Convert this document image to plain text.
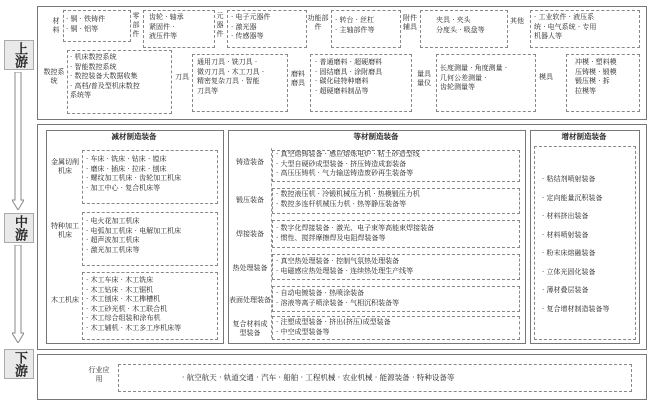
上游
中游
下游
材料
· 铜 · 铁铸件
· 铜 · 铝等
零部件
齿轮 · 轴承
紧固件 ·
液压件等
元器件
· 电子元器件
· 激光器
· 传感器等
功能部件
· 转台 · 丝杠
· 主轴部件等
附件辅具
夹具 · 夹头
分度头 · 吸盘等
其他	· 工业软件 · 液压系
统 · 电气系统 · 专用
机器人等
数控系统
· 机床数控系统
· 智能数控系统
· 数控装备大数据收集
· 高档/普及型机床数控
系统等
刀具
通用刀具 · 铣刀具 ·
微刃刀具 · 木工刀具 ·
精密复杂刀具 · 智能
刀具等
磨料磨具
· 普通磨料 · 超硬磨料
· 固结磨具 · 涂附磨具
· 碳化硅特种磨料
· 超硬磨料制品等
量具量仪
长度测量 · 角度测量 ·
几何公差测量 ·
齿轮测量等
模具
冲模 · 塑料模
压铸模 · 锻模
锻压模 · 拆
拉模等
减材制造装备
金属切削机床
· 车床 · 铣床 · 钻床 · 镗床
· 磨床 · 插床 · 拉床 · 刨床
· 螺纹加工机床 · 齿轮加工机床
· 加工中心 · 复合机床等
特种加工机床
· 电火花加工机床
· 电弧加工机床 · 电解加工机床
· 超声波加工机床
· 激光加工机床等
木工机床
· 木工车床 · 木工铣床
· 木工钻床 · 木工锯机
· 木工刨床 · 木工榫槽机
· 木工砂光机 · 木工联合机
· 木工综合组装和涂布机
· 木工辅机 · 木工多工序机床等
等材制造装备
铸造装备
· 真空熔铸装备 · 感应熔炼电炉 · 粘土砂造型线
· 大型自硬砂成型装备 · 挤压铸造成套装备
· 高压压铸机 · 气力输送铸造废砂再生装备等
锻压装备
· 数控液压机 · 冷锻机械压力机 · 热模锻压力机
· 数控多连杆机械压力机 · 热等静压装备等
焊接装备
· 数字化焊接装备 · 激光、电子束等高能束焊接装备
· 惯性、搅拌摩擦焊及电阻焊装备等
热处理装备
· 真空热处理装备 · 控制气氛热处理装备
· 电磁感应热处理装备 · 连续热处理生产线等
表面处理装备
· 自动电镀装备 · 热喷涂装备
· 溶液等离子喷涂装备 · 气相沉积装备等
复合材料成型装备
· 注塑成型装备 · 挤出(挤压)成型装备
· 中空成型装备等
增材制造装备
· 粘结剂喷射装备
· 定向能量沉积装备
· 材料挤出装备
· 材料喷射装备
· 粉末床熔融装备
· 立体光固化装备
· 薄材叠层装备
· 复合增材制造装备等
行业应用	· 航空航天 · 轨道交通 · 汽车 · 船舶 · 工程机械 · 农业机械 · 能源装备 · 特种设备等
